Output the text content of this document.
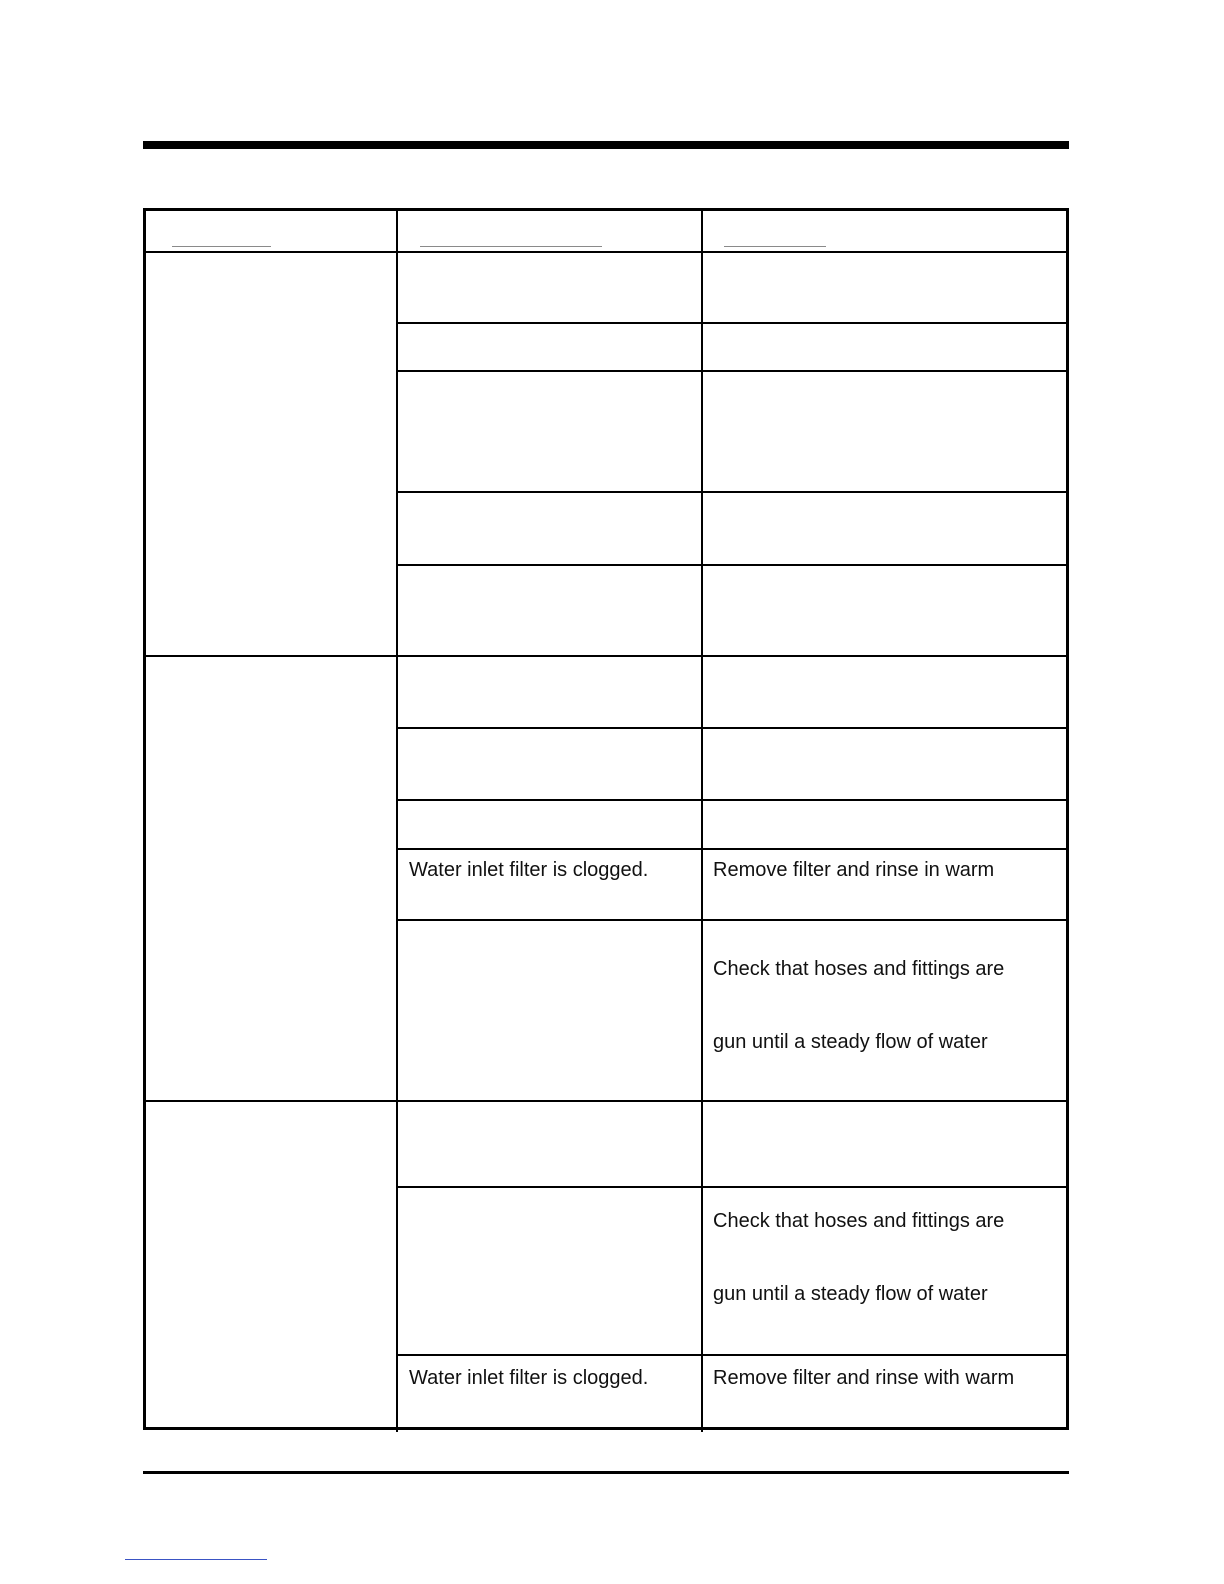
Water inlet filter is clogged.	Remove filter and rinse in warm
Check that hoses and fittings are
gun until a steady flow of water
Check that hoses and fittings are
gun until a steady flow of water
Water inlet filter is clogged.	Remove filter and rinse with warm
